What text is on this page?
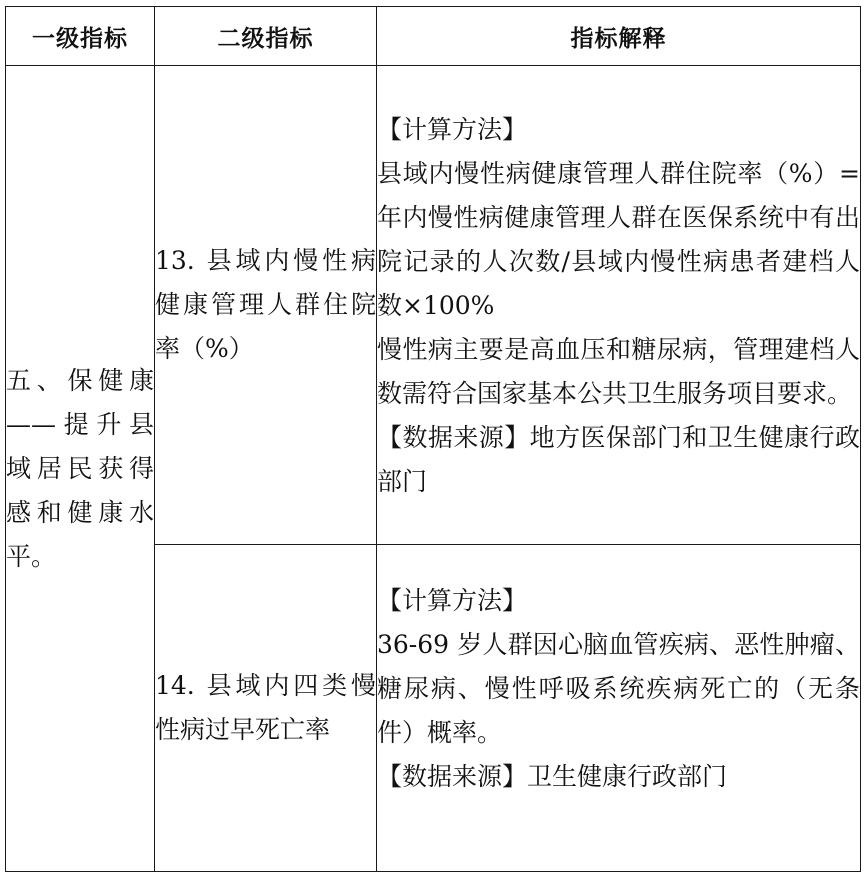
一级指标	二级指标	指标解释

五、保健康——提升县域居民获得感和健康水平。	13. 县域内慢性病健康管理人群住院率（%）	【计算方法】
县域内慢性病健康管理人群住院率（%）=年内慢性病健康管理人群在医保系统中有出院记录的人次数/县域内慢性病患者建档人数×100%
慢性病主要是高血压和糖尿病，管理建档人数需符合国家基本公共卫生服务项目要求。
【数据来源】地方医保部门和卫生健康行政部门

	14. 县域内四类慢性病过早死亡率	【计算方法】
36-69 岁人群因心脑血管疾病、恶性肿瘤、糖尿病、慢性呼吸系统疾病死亡的（无条件）概率。
【数据来源】卫生健康行政部门
